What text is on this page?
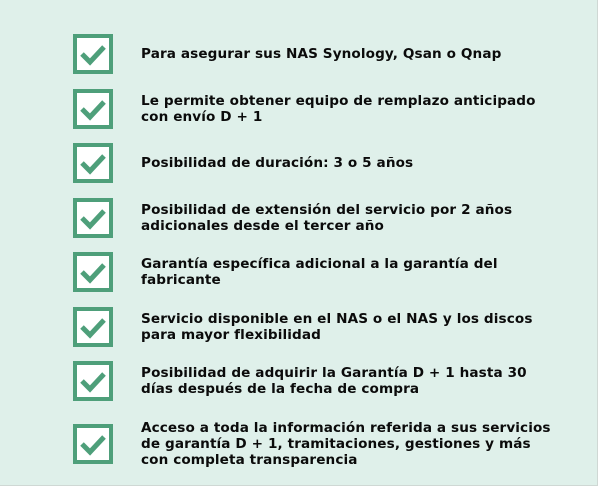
Para asegurar sus NAS Synology, Qsan o Qnap
Le permite obtener equipo de remplazo anticipado
con envío D + 1
Posibilidad de duración: 3 o 5 años
Posibilidad de extensión del servicio por 2 años
adicionales desde el tercer año
Garantía específica adicional a la garantía del
fabricante
Servicio disponible en el NAS o el NAS y los discos
para mayor flexibilidad
Posibilidad de adquirir la Garantía D + 1 hasta 30
días después de la fecha de compra
Acceso a toda la información referida a sus servicios
de garantía D + 1, tramitaciones, gestiones y más
con completa transparencia
